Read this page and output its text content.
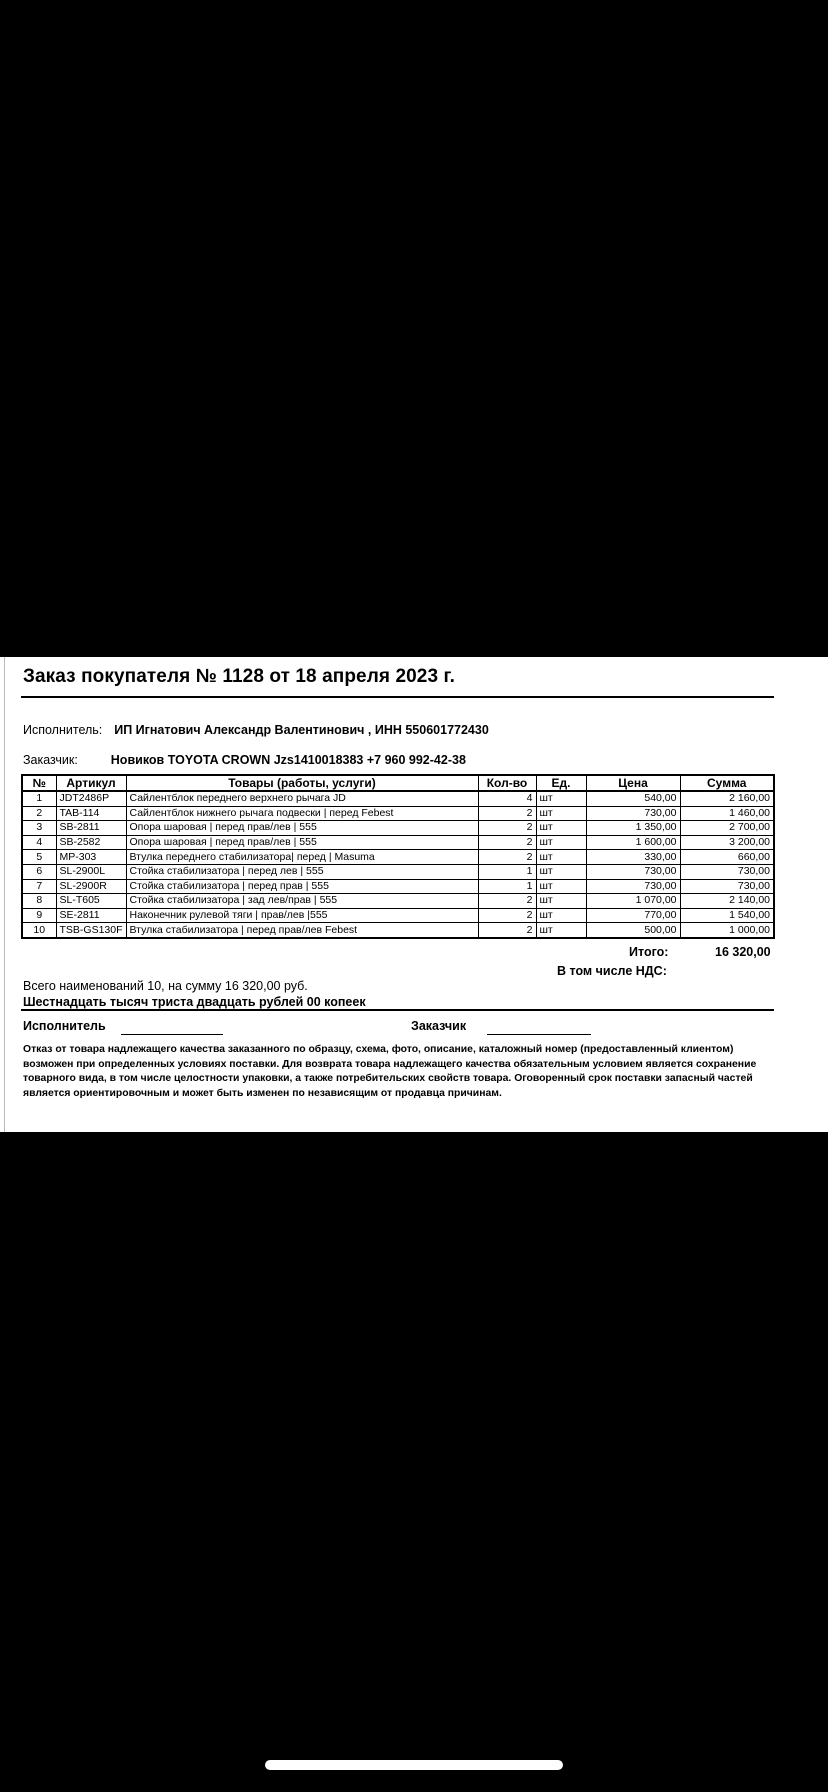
Заказ покупателя № 1128 от 18 апреля 2023 г.
Исполнитель: ИП Игнатович Александр Валентинович , ИНН 550601772430
Заказчик:	Новиков TOYOTA CROWN Jzs1410018383 +7 960 992-42-38
№	Артикул	Товары (работы, услуги)	Кол-во	Ед.	Цена	Сумма
1	JDT2486P	Сайлентблок переднего верхнего рычага JD	4	шт	540,00	2 160,00
2	TAB-114	Сайлентблок нижнего рычага подвески | перед Febest	2	шт	730,00	1 460,00
3	SB-2811	Опора шаровая | перед прав/лев | 555	2	шт	1 350,00	2 700,00
4	SB-2582	Опора шаровая | перед прав/лев | 555	2	шт	1 600,00	3 200,00
5	MP-303	Втулка переднего стабилизатора| перед | Masuma	2	шт	330,00	660,00
6	SL-2900L	Стойка стабилизатора | перед лев | 555	1	шт	730,00	730,00
7	SL-2900R	Стойка стабилизатора | перед прав | 555	1	шт	730,00	730,00
8	SL-T605	Стойка стабилизатора | зад лев/прав | 555	2	шт	1 070,00	2 140,00
9	SE-2811	Наконечник рулевой тяги | прав/лев |555	2	шт	770,00	1 540,00
10	TSB-GS130F	Втулка стабилизатора | перед прав/лев Febest	2	шт	500,00	1 000,00
Итого:	16 320,00
В том числе НДС:
Всего наименований 10, на сумму 16 320,00 руб.
Шестнадцать тысяч триста двадцать рублей 00 копеек
Исполнитель	Заказчик
Отказ от товара надлежащего качества заказанного по образцу, схема, фото, описание, каталожный номер (предоставленный клиентом) возможен при определенных условиях поставки. Для возврата товара надлежащего качества обязательным условием является сохранение товарного вида, в том числе целостности упаковки, а также потребительских свойств товара. Оговоренный срок поставки запасный частей является ориентировочным и может быть изменен по независящим от продавца причинам.
